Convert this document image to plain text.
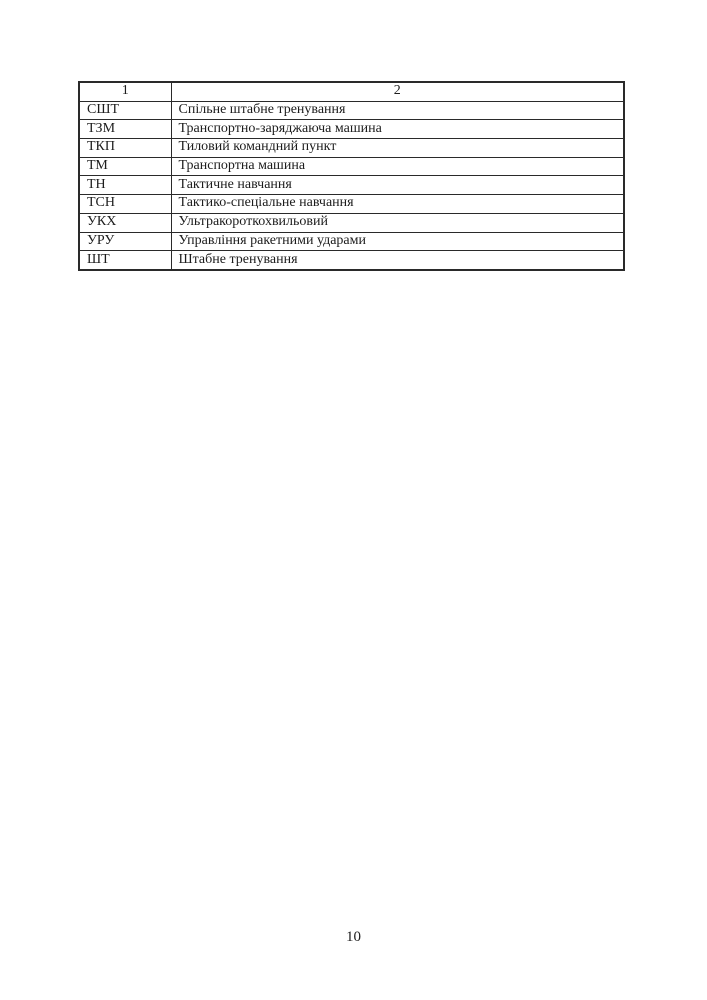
1	2
СШТ	Спільне штабне тренування
ТЗМ	Транспортно-заряджаюча машина
ТКП	Тиловий командний пункт
ТМ	Транспортна машина
ТН	Тактичне навчання
ТСН	Тактико-спеціальне навчання
УКХ	Ультракороткохвильовий
УРУ	Управління ракетними ударами
ШТ	Штабне тренування
10
